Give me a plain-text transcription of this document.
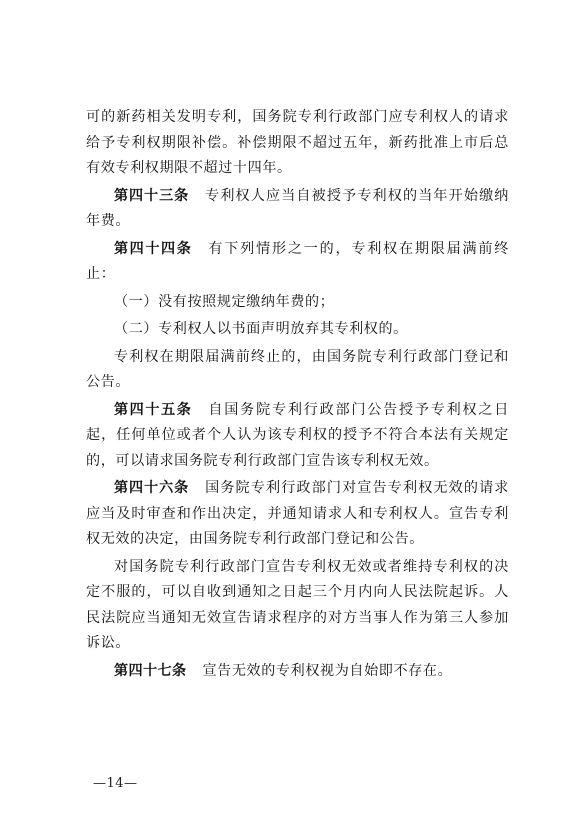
可的新药相关发明专利，国务院专利行政部门应专利权人的请求给予专利权期限补偿。补偿期限不超过五年，新药批准上市后总有效专利权期限不超过十四年。

第四十三条 专利权人应当自被授予专利权的当年开始缴纳年费。

第四十四条 有下列情形之一的，专利权在期限届满前终止：

（一）没有按照规定缴纳年费的；

（二）专利权人以书面声明放弃其专利权的。

专利权在期限届满前终止的，由国务院专利行政部门登记和公告。

第四十五条 自国务院专利行政部门公告授予专利权之日起，任何单位或者个人认为该专利权的授予不符合本法有关规定的，可以请求国务院专利行政部门宣告该专利权无效。

第四十六条 国务院专利行政部门对宣告专利权无效的请求应当及时审查和作出决定，并通知请求人和专利权人。宣告专利权无效的决定，由国务院专利行政部门登记和公告。

对国务院专利行政部门宣告专利权无效或者维持专利权的决定不服的，可以自收到通知之日起三个月内向人民法院起诉。人民法院应当通知无效宣告请求程序的对方当事人作为第三人参加诉讼。

第四十七条 宣告无效的专利权视为自始即不存在。

—14—
